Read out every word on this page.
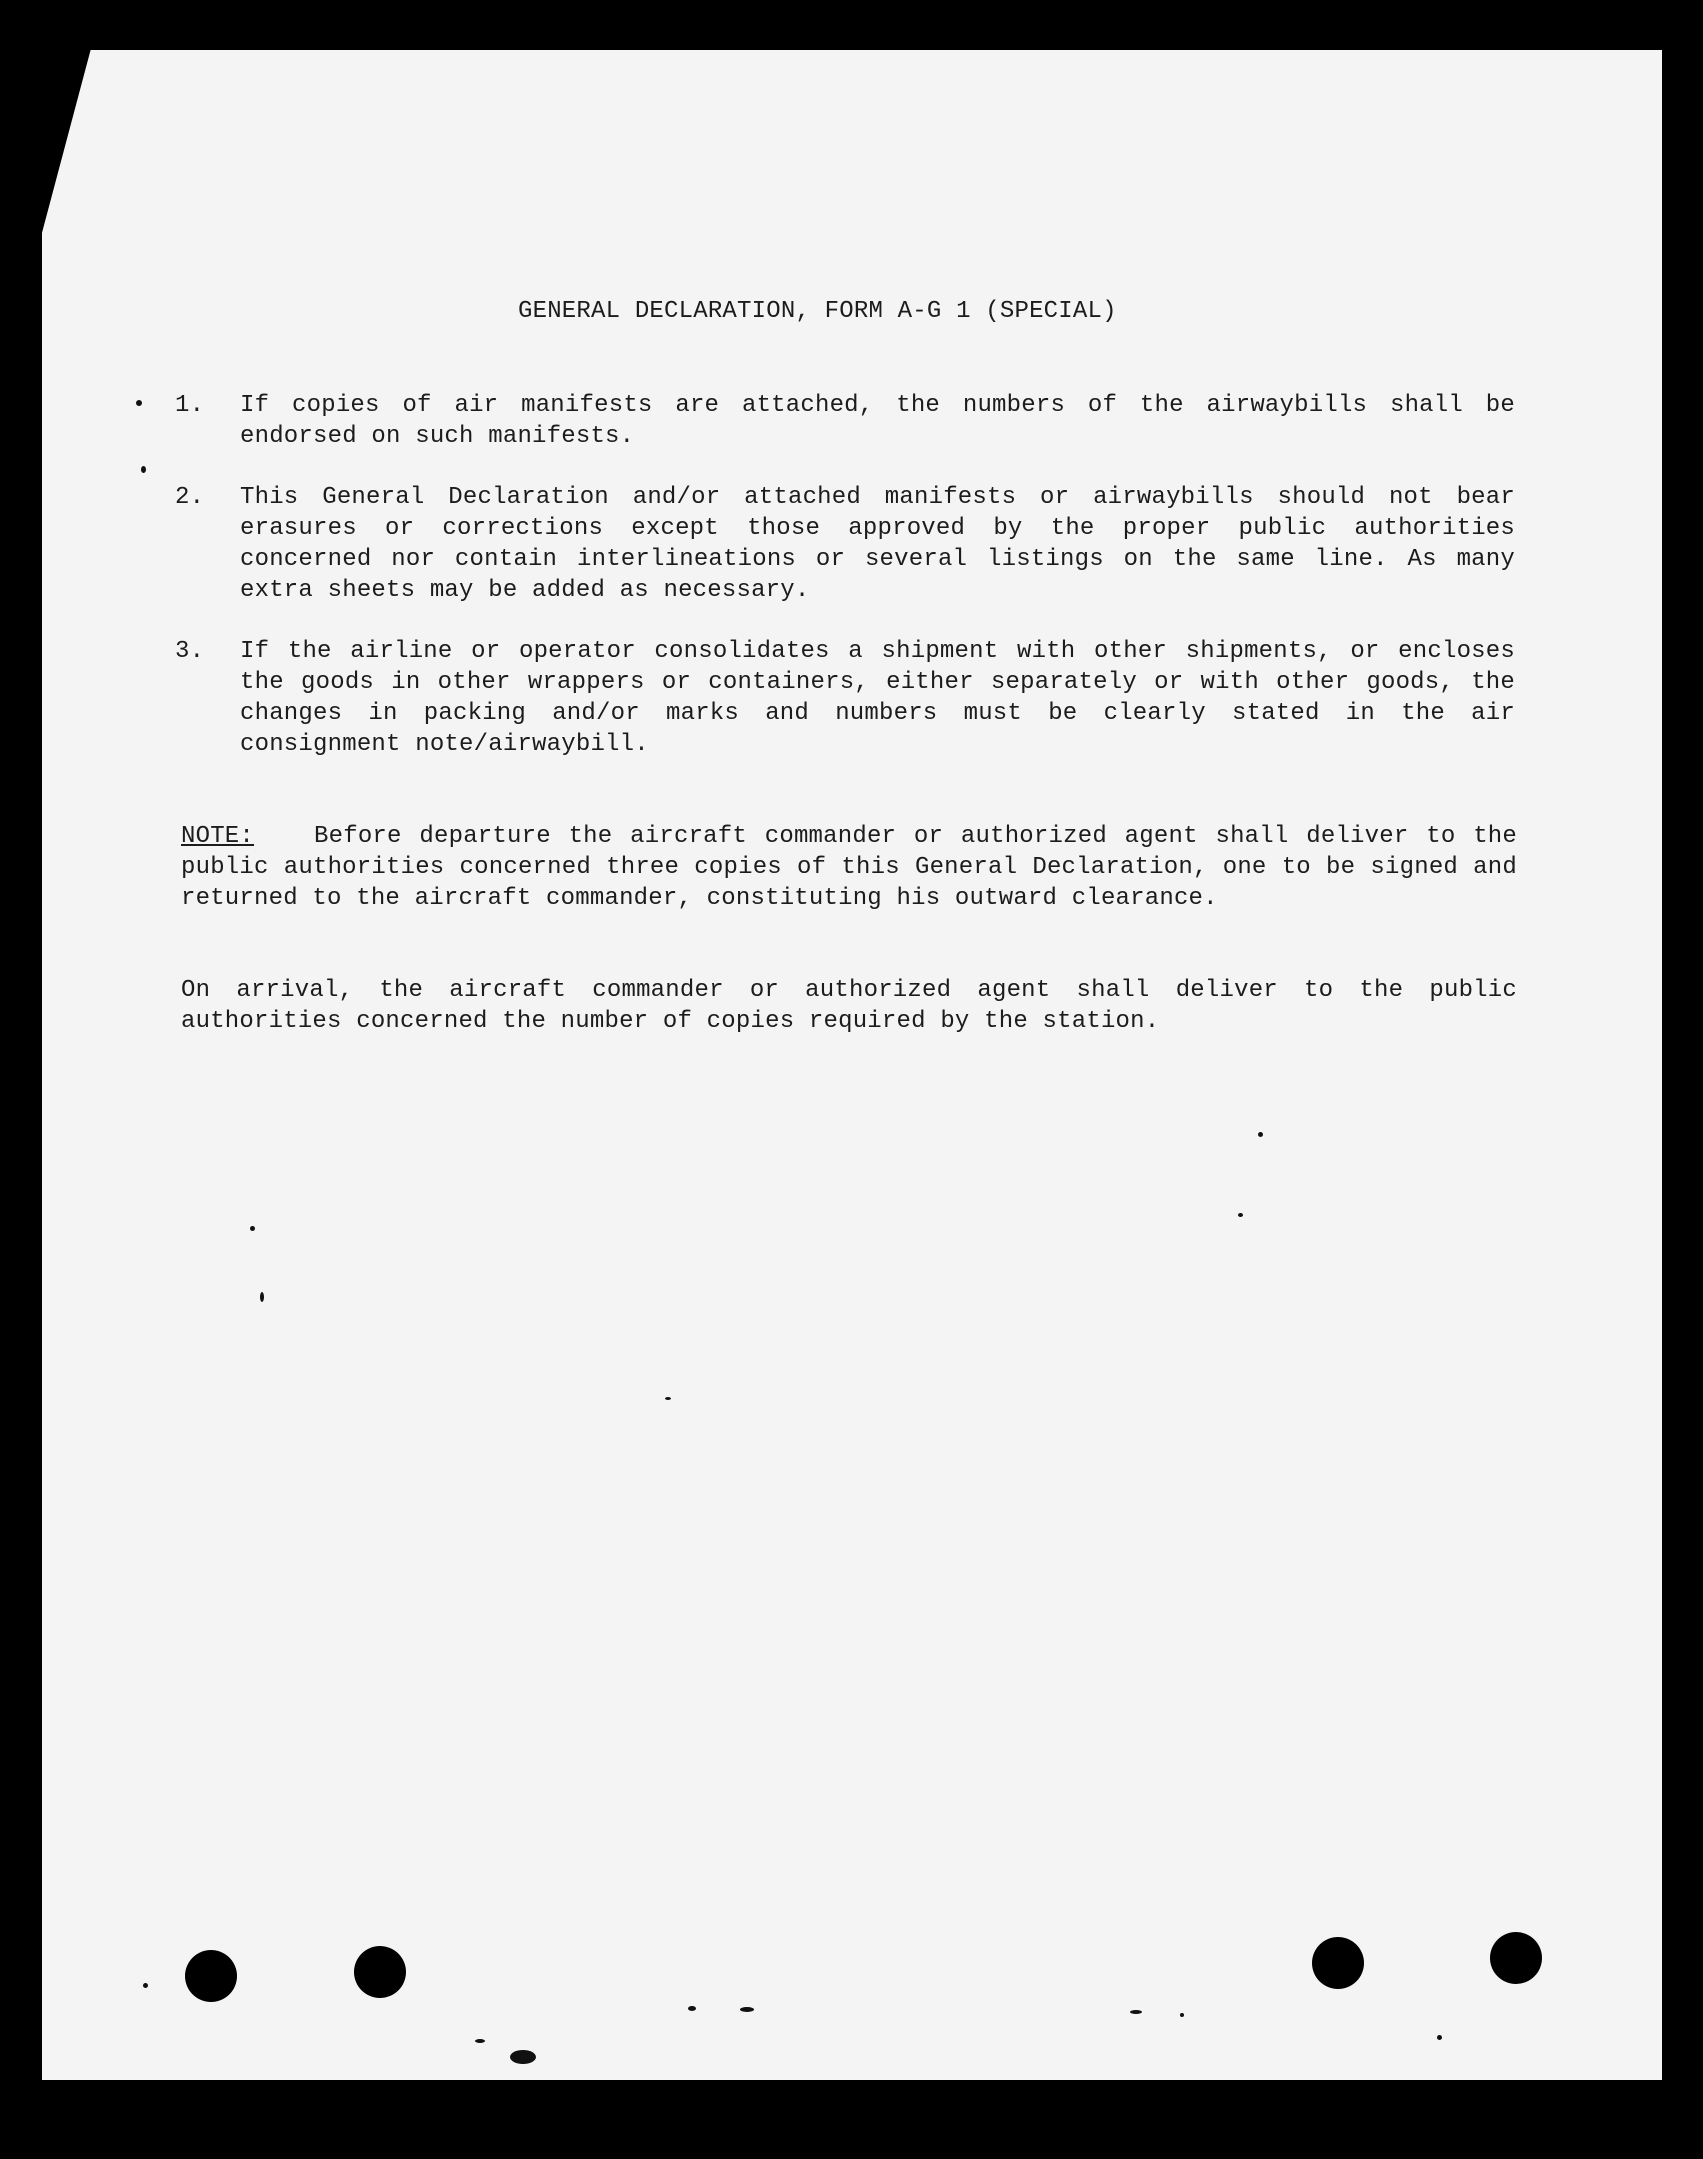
GENERAL DECLARATION, FORM A-G 1 (SPECIAL)
1.	If copies of air manifests are attached, the numbers of the airwaybills shall be endorsed on such manifests.
2.	This General Declaration and/or attached manifests or airwaybills should not bear erasures or corrections except those approved by the proper public authorities concerned nor contain interlineations or several listings on the same line. As many extra sheets may be added as necessary.
3.	If the airline or operator consolidates a shipment with other shipments, or encloses the goods in other wrappers or containers, either separately or with other goods, the changes in packing and/or marks and numbers must be clearly stated in the air consignment note/airwaybill.
NOTE:	Before departure the aircraft commander or authorized agent shall deliver to the public authorities concerned three copies of this General Declaration, one to be signed and returned to the aircraft commander, constituting his outward clearance.
On arrival, the aircraft commander or authorized agent shall deliver to the public authorities concerned the number of copies required by the station.
